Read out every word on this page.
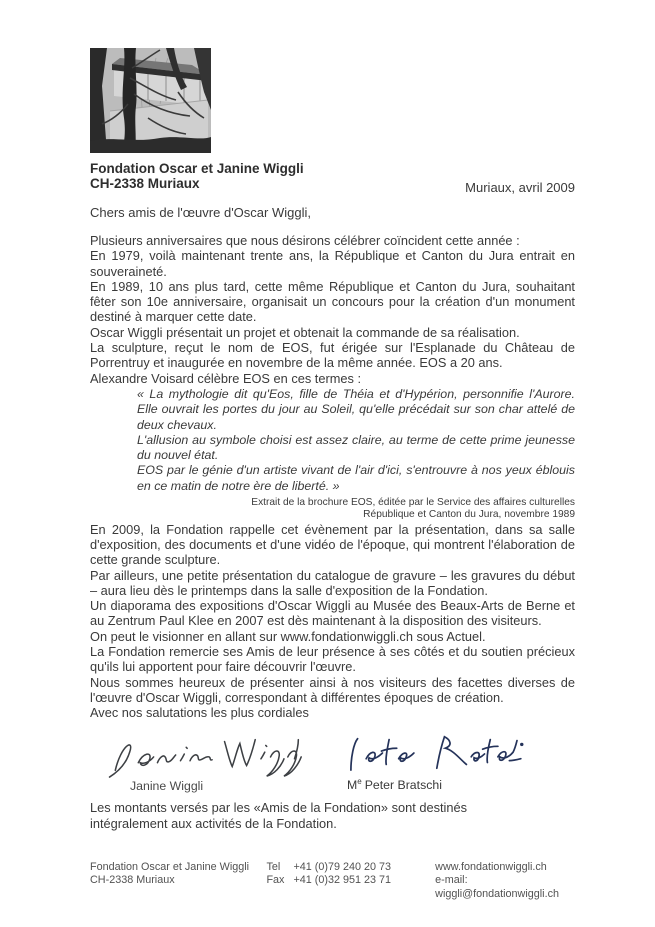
Fondation Oscar et Janine Wiggli
CH-2338 Muriaux	Muriaux, avril 2009

Chers amis de l'œuvre d'Oscar Wiggli,

Plusieurs anniversaires que nous désirons célébrer coïncident cette année :

En 1979, voilà maintenant trente ans, la République et Canton du Jura entrait en souveraineté.

En 1989, 10 ans plus tard, cette même République et Canton du Jura, souhaitant fêter son 10e anniversaire, organisait un concours pour la création d'un monument destiné à marquer cette date.

Oscar Wiggli présentait un projet et obtenait la commande de sa réalisation.

La sculpture, reçut le nom de EOS, fut érigée sur l'Esplanade du Château de Porrentruy et inaugurée en novembre de la même année. EOS a 20 ans.

Alexandre Voisard célèbre EOS en ces termes :

« La mythologie dit qu'Eos, fille de Théia et d'Hypérion, personnifie l'Aurore. Elle ouvrait les portes du jour au Soleil, qu'elle précédait sur son char attelé de deux chevaux.

L'allusion au symbole choisi est assez claire, au terme de cette prime jeunesse du nouvel état.

EOS par le génie d'un artiste vivant de l'air d'ici, s'entrouvre à nos yeux éblouis en ce matin de notre ère de liberté. »

Extrait de la brochure EOS, éditée par le Service des affaires culturelles
République et Canton du Jura, novembre 1989

En 2009, la Fondation rappelle cet évènement par la présentation, dans sa salle d'exposition, des documents et d'une vidéo de l'époque, qui montrent l'élaboration de cette grande sculpture.

Par ailleurs, une petite présentation du catalogue de gravure – les gravures du début – aura lieu dès le printemps dans la salle d'exposition de la Fondation.

Un diaporama des expositions d'Oscar Wiggli au Musée des Beaux-Arts de Berne et au Zentrum Paul Klee en 2007 est dès maintenant à la disposition des visiteurs.

On peut le visionner en allant sur www.fondationwiggli.ch sous Actuel.

La Fondation remercie ses Amis de leur présence à ses côtés et du soutien précieux qu'ils lui apportent pour faire découvrir l'œuvre.

Nous sommes heureux de présenter ainsi à nos visiteurs des facettes diverses de l'œuvre d'Oscar Wiggli, correspondant à différentes époques de création.

Avec nos salutations les plus cordiales

Janine Wiggli	Me Peter Bratschi
Les montants versés par les «Amis de la Fondation» sont destinés
intégralement aux activités de la Fondation.
Fondation Oscar et Janine Wiggli
CH-2338 Muriaux
Tel	+41 (0)79 240 20 73
Fax +41 (0)32 951 23 71
www.fondationwiggli.ch
e-mail: wiggli@fondationwiggli.ch
